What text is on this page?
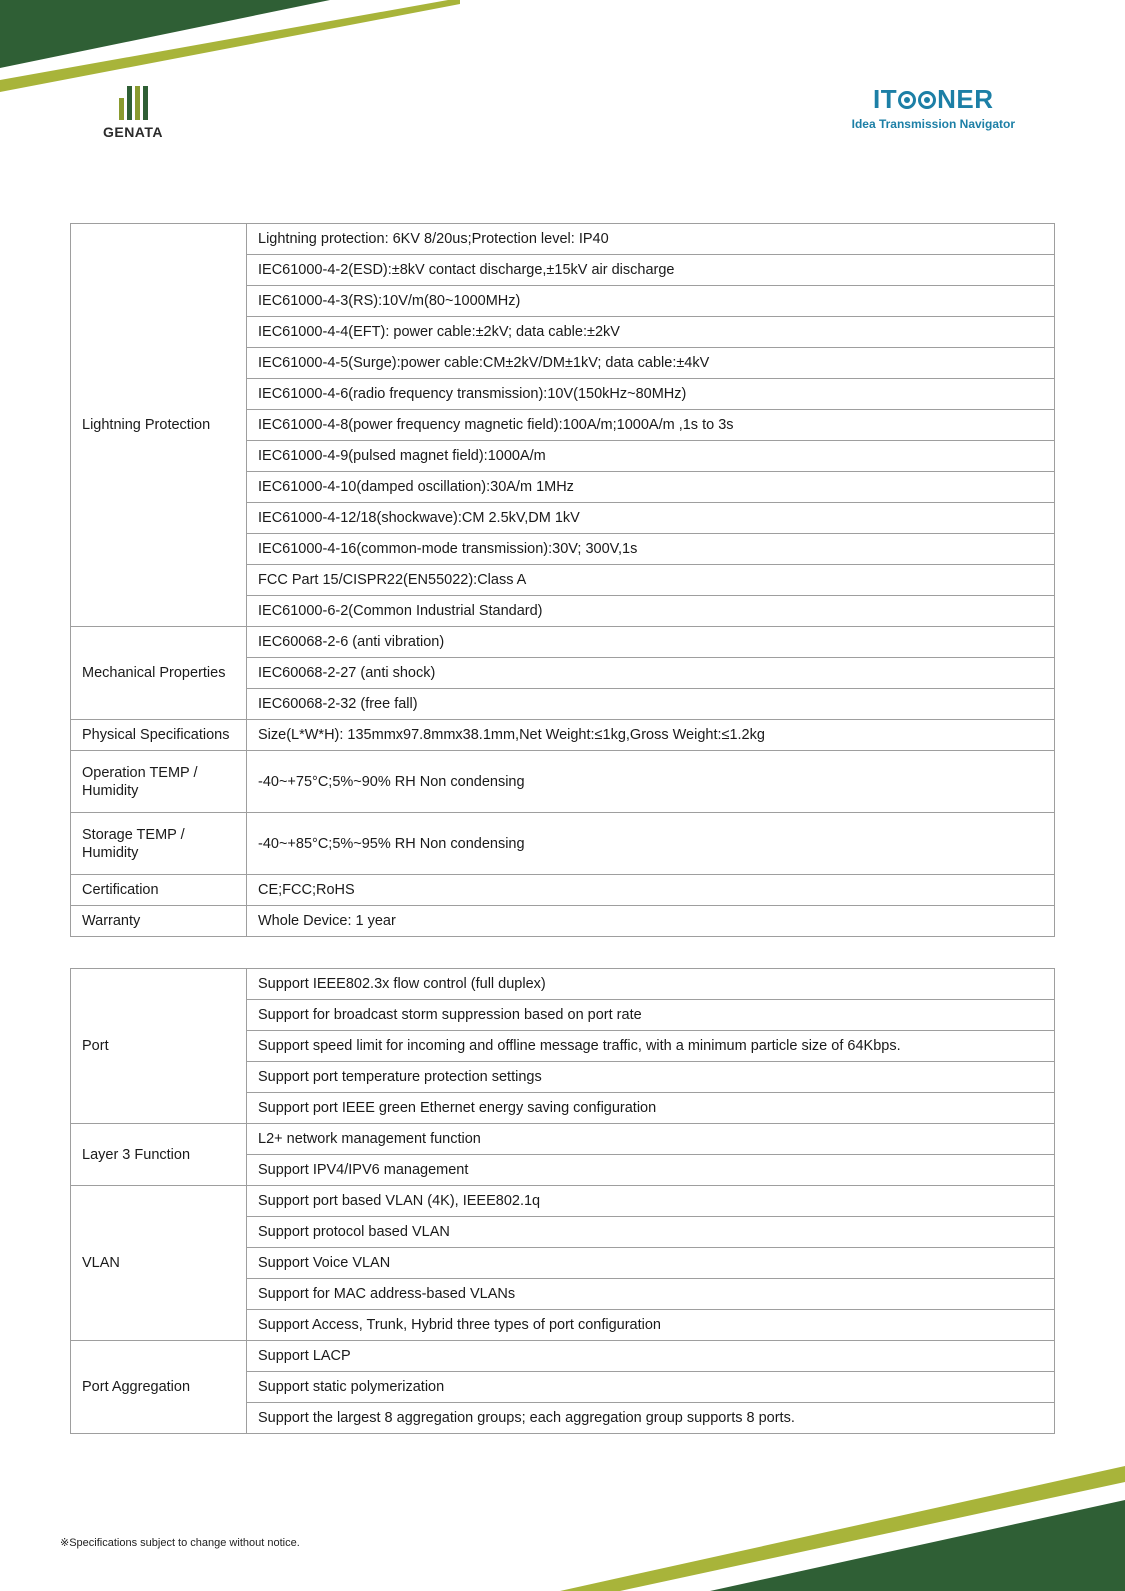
GENATA
IT NER
Idea Transmission Navigator
Lightning Protection	Lightning protection: 6KV 8/20us;Protection level: IP40
	IEC61000-4-2(ESD):±8kV contact discharge,±15kV air discharge
	IEC61000-4-3(RS):10V/m(80~1000MHz)
	IEC61000-4-4(EFT): power cable:±2kV; data cable:±2kV
	IEC61000-4-5(Surge):power cable:CM±2kV/DM±1kV; data cable:±4kV
	IEC61000-4-6(radio frequency transmission):10V(150kHz~80MHz)
	IEC61000-4-8(power frequency magnetic field):100A/m;1000A/m ,1s to 3s
	IEC61000-4-9(pulsed magnet field):1000A/m
	IEC61000-4-10(damped oscillation):30A/m 1MHz
	IEC61000-4-12/18(shockwave):CM 2.5kV,DM 1kV
	IEC61000-4-16(common-mode transmission):30V; 300V,1s
	FCC Part 15/CISPR22(EN55022):Class A
	IEC61000-6-2(Common Industrial Standard)
Mechanical Properties	IEC60068-2-6 (anti vibration)
	IEC60068-2-27 (anti shock)
	IEC60068-2-32 (free fall)
Physical Specifications	Size(L*W*H): 135mmx97.8mmx38.1mm,Net Weight:≤1kg,Gross Weight:≤1.2kg
Operation TEMP / Humidity	-40~+75°C;5%~90% RH Non condensing
Storage TEMP / Humidity	-40~+85°C;5%~95% RH Non condensing
Certification	CE;FCC;RoHS
Warranty	Whole Device: 1 year
Port	Support IEEE802.3x flow control (full duplex)
	Support for broadcast storm suppression based on port rate
	Support speed limit for incoming and offline message traffic, with a minimum particle size of 64Kbps.
	Support port temperature protection settings
	Support port IEEE green Ethernet energy saving configuration
Layer 3 Function	L2+ network management function
	Support IPV4/IPV6 management
VLAN	Support port based VLAN (4K), IEEE802.1q
	Support protocol based VLAN
	Support Voice VLAN
	Support for MAC address-based VLANs
	Support Access, Trunk, Hybrid three types of port configuration
Port Aggregation	Support LACP
	Support static polymerization
	Support the largest 8 aggregation groups; each aggregation group supports 8 ports.
※Specifications subject to change without notice.
